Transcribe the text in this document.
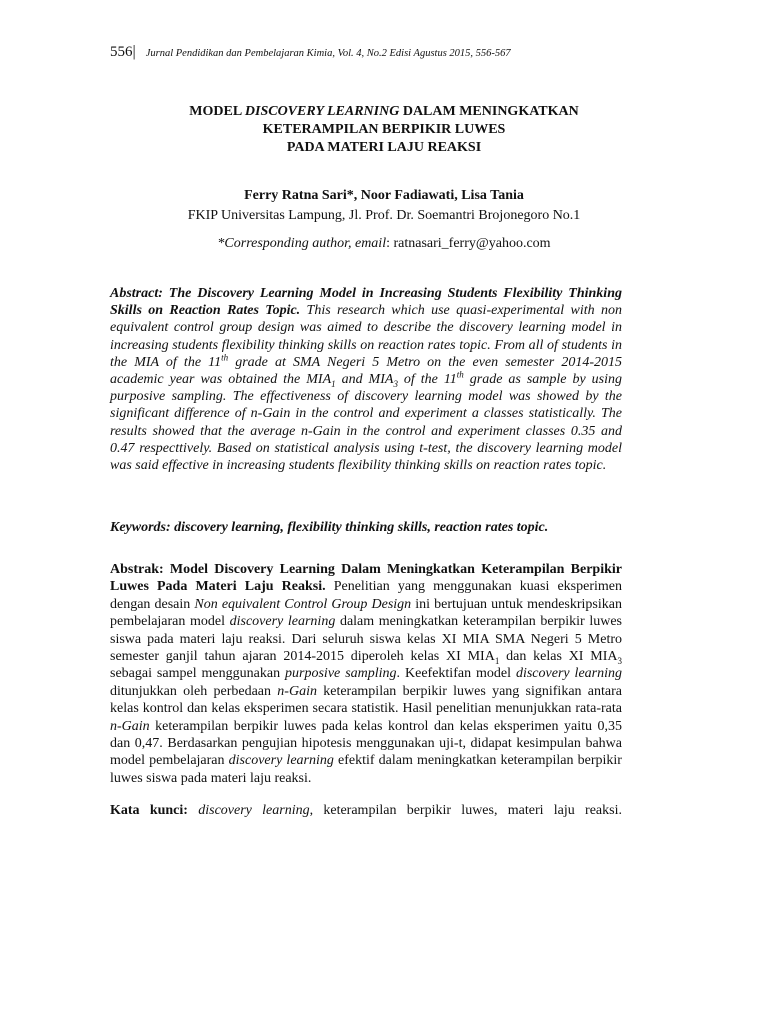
556| Jurnal Pendidikan dan Pembelajaran Kimia, Vol. 4, No.2 Edisi Agustus 2015, 556-567
MODEL DISCOVERY LEARNING DALAM MENINGKATKAN
KETERAMPILAN BERPIKIR LUWES
PADA MATERI LAJU REAKSI
Ferry Ratna Sari*, Noor Fadiawati, Lisa Tania
FKIP Universitas Lampung, Jl. Prof. Dr. Soemantri Brojonegoro No.1
*Corresponding author, email: ratnasari_ferry@yahoo.com
Abstract: The Discovery Learning Model in Increasing Students Flexibility Thinking Skills on Reaction Rates Topic. This research which use quasi-experimental with non equivalent control group design was aimed to describe the discovery learning model in increasing students flexibility thinking skills on reaction rates topic. From all of students in the MIA of the 11th grade at SMA Negeri 5 Metro on the even semester 2014-2015 academic year was obtained the $MIA_1$ and $MIA_3$ of the 11th grade as sample by using purposive sampling. The effectiveness of discovery learning model was showed by the significant difference of n-Gain in the control and experiment a classes statistically. The results showed that the average n-Gain in the control and experiment classes 0.35 and 0.47 respecttively. Based on statistical analysis using t-test, the discovery learning model was said effective in increasing students flexibility thinking skills on reaction rates topic.
Keywords: discovery learning, flexibility thinking skills, reaction rates topic.
Abstrak: Model Discovery Learning Dalam Meningkatkan Keterampilan Berpikir Luwes Pada Materi Laju Reaksi. Penelitian yang menggunakan kuasi eksperimen dengan desain Non equivalent Control Group Design ini bertujuan untuk mendeskripsikan pembelajaran model discovery learning dalam meningkatkan keterampilan berpikir luwes siswa pada materi laju reaksi. Dari seluruh siswa kelas XI MIA SMA Negeri 5 Metro semester ganjil tahun ajaran 2014-2015 diperoleh kelas XI $MIA_1$ dan kelas XI $MIA_3$ sebagai sampel menggunakan purposive sampling. Keefektifan model discovery learning ditunjukkan oleh perbedaan n-Gain keterampilan berpikir luwes yang signifikan antara kelas kontrol dan kelas eksperimen secara statistik. Hasil penelitian menunjukkan rata-rata n-Gain keterampilan berpikir luwes pada kelas kontrol dan kelas eksperimen yaitu 0,35 dan 0,47. Berdasarkan pengujian hipotesis menggunakan uji-t, didapat kesimpulan bahwa model pembelajaran discovery learning efektif dalam meningkatkan keterampilan berpikir luwes siswa pada materi laju reaksi.
Kata kunci: discovery learning, keterampilan berpikir luwes, materi laju reaksi.
